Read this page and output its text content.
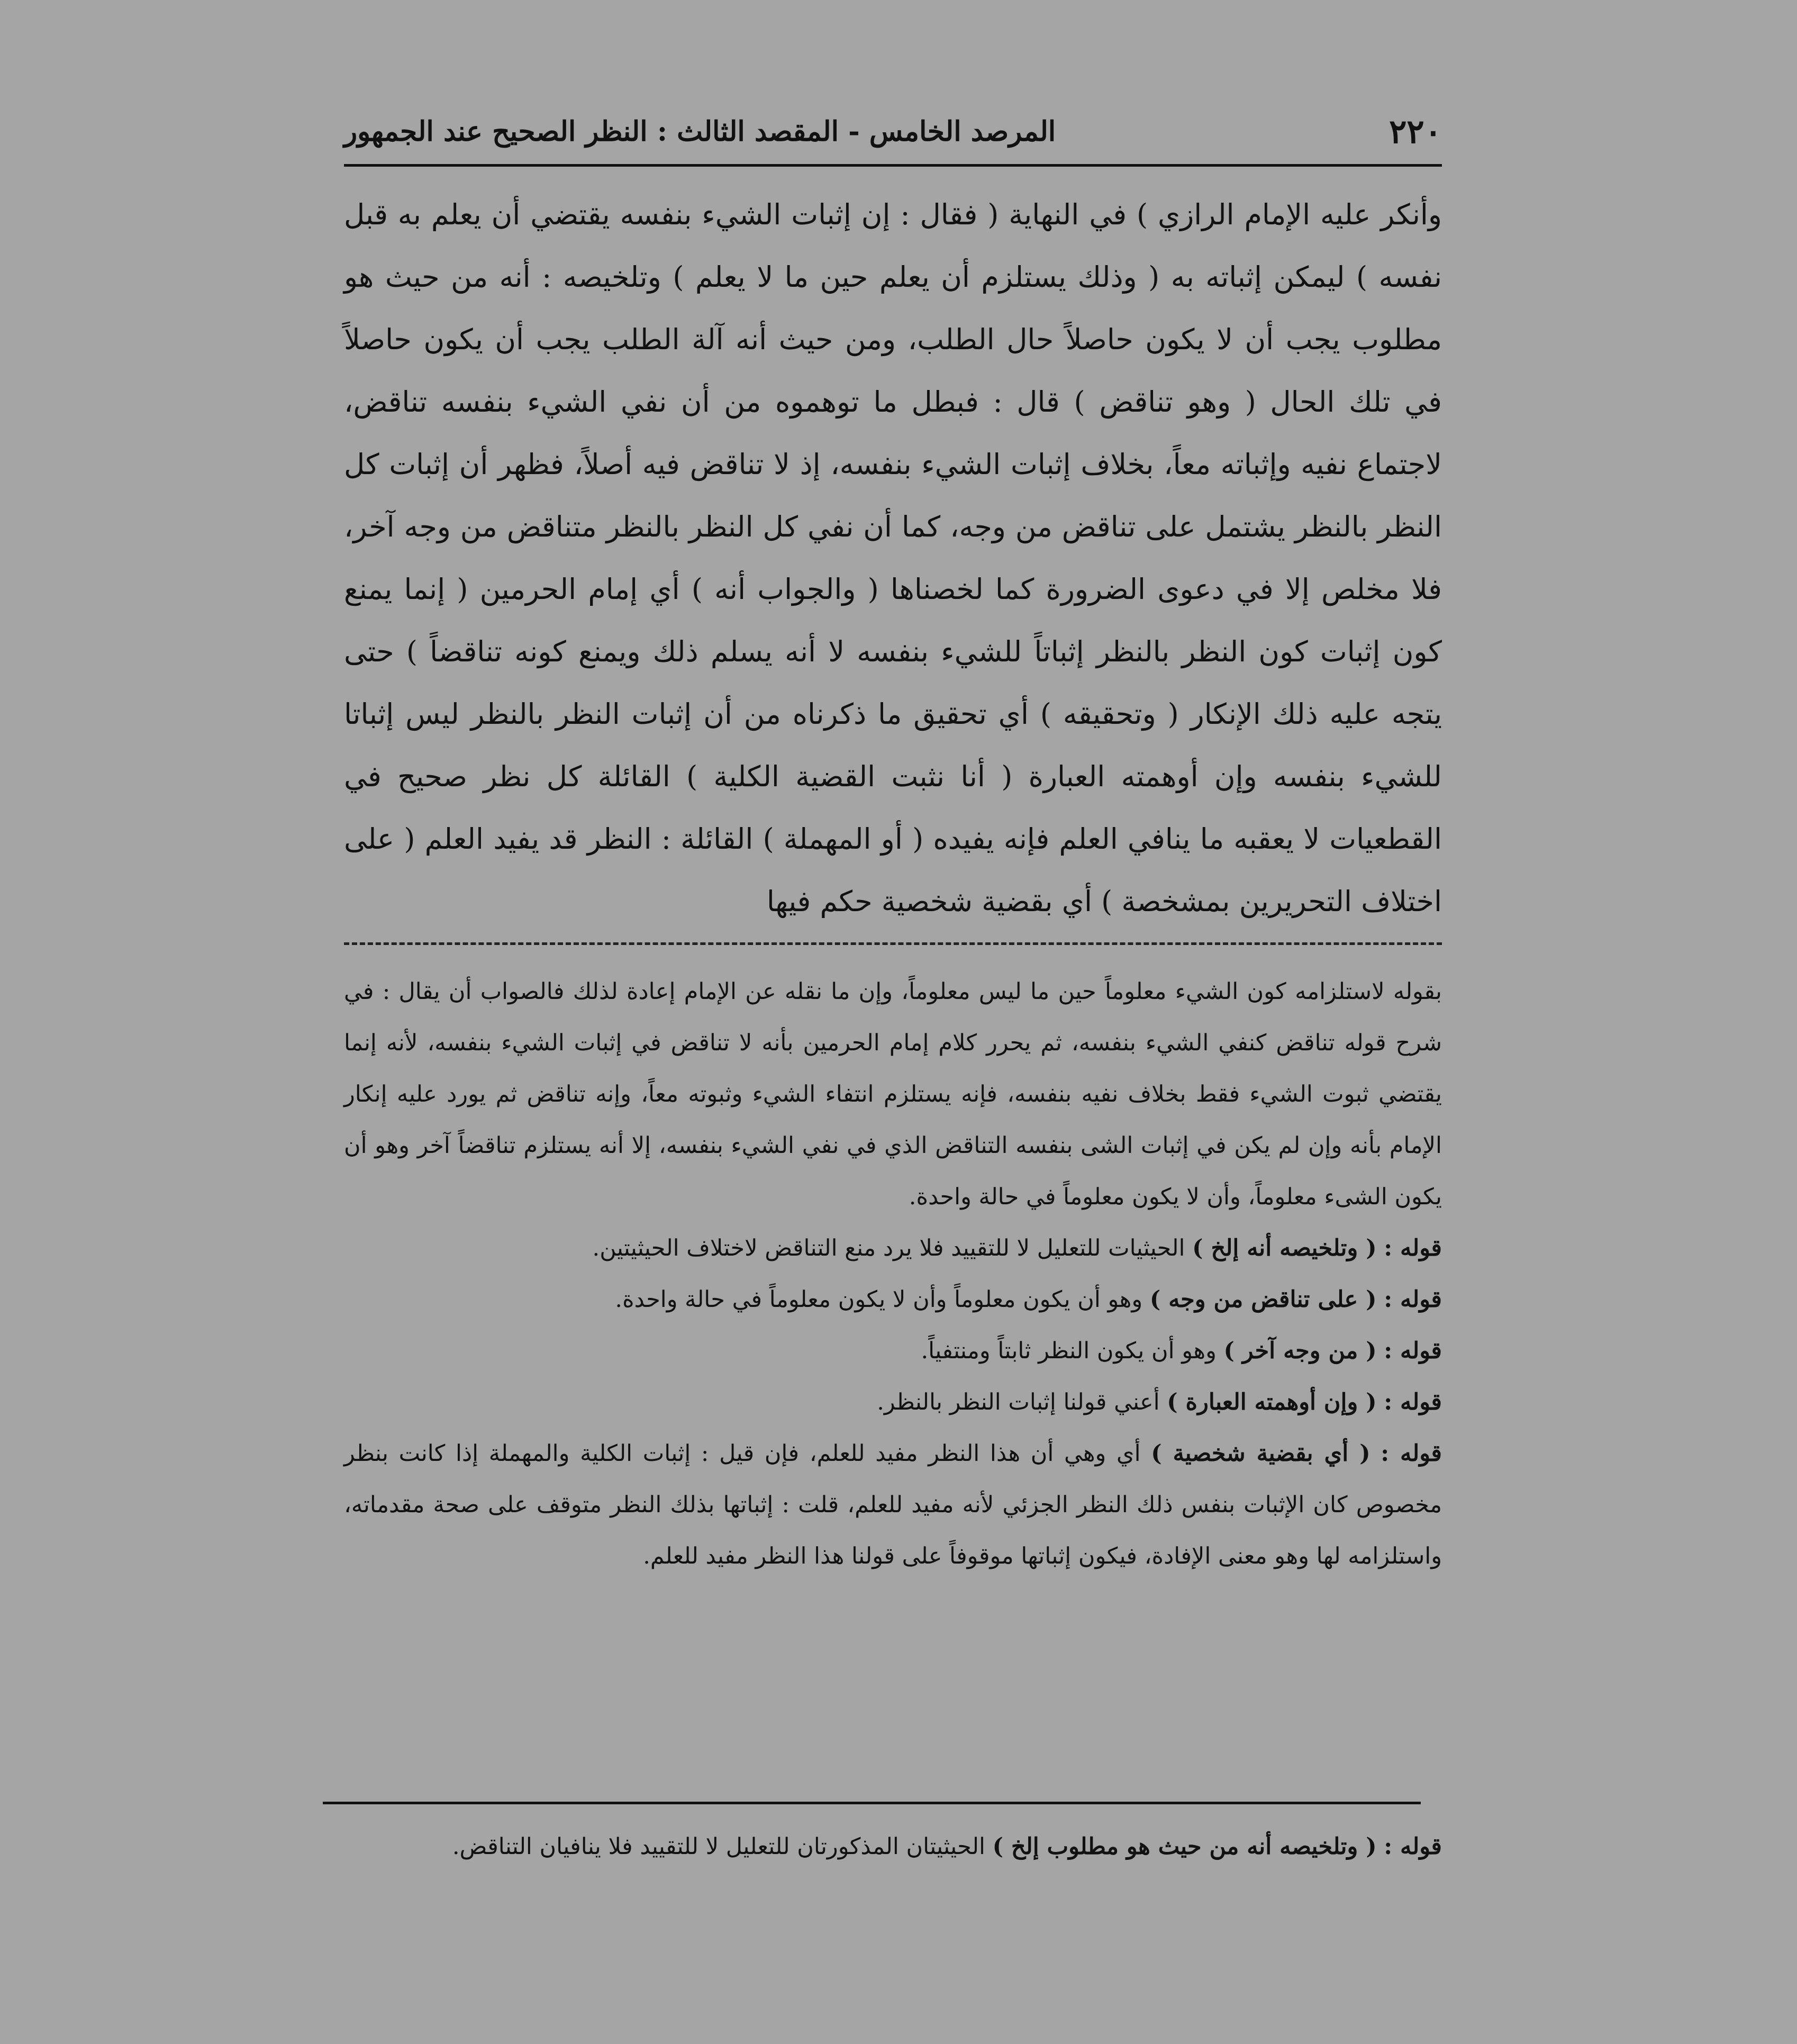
٢٢٠
المرصد الخامس - المقصد الثالث : النظر الصحيح عند الجمهور

وأنكر عليه الإمام الرازي ) في النهاية ( فقال : إن إثبات الشيء بنفسه يقتضي أن يعلم به قبل نفسه ) ليمكن إثباته به ( وذلك يستلزم أن يعلم حين ما لا يعلم ) وتلخيصه : أنه من حيث هو مطلوب يجب أن لا يكون حاصلاً حال الطلب، ومن حيث أنه آلة الطلب يجب أن يكون حاصلاً في تلك الحال ( وهو تناقض ) قال : فبطل ما توهموه من أن نفي الشيء بنفسه تناقض، لاجتماع نفيه وإثباته معاً، بخلاف إثبات الشيء بنفسه، إذ لا تناقض فيه أصلاً، فظهر أن إثبات كل النظر بالنظر يشتمل على تناقض من وجه، كما أن نفي كل النظر بالنظر متناقض من وجه آخر، فلا مخلص إلا في دعوى الضرورة كما لخصناها ( والجواب أنه ) أي إمام الحرمين ( إنما يمنع كون إثبات كون النظر بالنظر إثباتاً للشيء بنفسه لا أنه يسلم ذلك ويمنع كونه تناقضاً ) حتى يتجه عليه ذلك الإنكار ( وتحقيقه ) أي تحقيق ما ذكرناه من أن إثبات النظر بالنظر ليس إثباتا للشيء بنفسه وإن أوهمته العبارة ( أنا نثبت القضية الكلية ) القائلة كل نظر صحيح في القطعيات لا يعقبه ما ينافي العلم فإنه يفيده ( أو المهملة ) القائلة : النظر قد يفيد العلم ( على اختلاف التحريرين بمشخصة ) أي بقضية شخصية حكم فيها

بقوله لاستلزامه كون الشيء معلوماً حين ما ليس معلوماً، وإن ما نقله عن الإمام إعادة لذلك فالصواب أن يقال : في شرح قوله تناقض كنفي الشيء بنفسه، ثم يحرر كلام إمام الحرمين بأنه لا تناقض في إثبات الشيء بنفسه، لأنه إنما يقتضي ثبوت الشيء فقط بخلاف نفيه بنفسه، فإنه يستلزم انتفاء الشيء وثبوته معاً، وإنه تناقض ثم يورد عليه إنكار الإمام بأنه وإن لم يكن في إثبات الشى بنفسه التناقض الذي في نفي الشيء بنفسه، إلا أنه يستلزم تناقضاً آخر وهو أن يكون الشىء معلوماً، وأن لا يكون معلوماً في حالة واحدة.

قوله : ( وتلخيصه أنه إلخ ) الحيثيات للتعليل لا للتقييد فلا يرد منع التناقض لاختلاف الحيثيتين.

قوله : ( على تناقض من وجه ) وهو أن يكون معلوماً وأن لا يكون معلوماً في حالة واحدة.

قوله : ( من وجه آخر ) وهو أن يكون النظر ثابتاً ومنتفياً.

قوله : ( وإن أوهمته العبارة ) أعني قولنا إثبات النظر بالنظر.

قوله : ( أي بقضية شخصية ) أي وهي أن هذا النظر مفيد للعلم، فإن قيل : إثبات الكلية والمهملة إذا كانت بنظر مخصوص كان الإثبات بنفس ذلك النظر الجزئي لأنه مفيد للعلم، قلت : إثباتها بذلك النظر متوقف على صحة مقدماته، واستلزامه لها وهو معنى الإفادة، فيكون إثباتها موقوفاً على قولنا هذا النظر مفيد للعلم.

قوله : ( وتلخيصه أنه من حيث هو مطلوب إلخ ) الحيثيتان المذكورتان للتعليل لا للتقييد فلا ينافيان التناقض.
